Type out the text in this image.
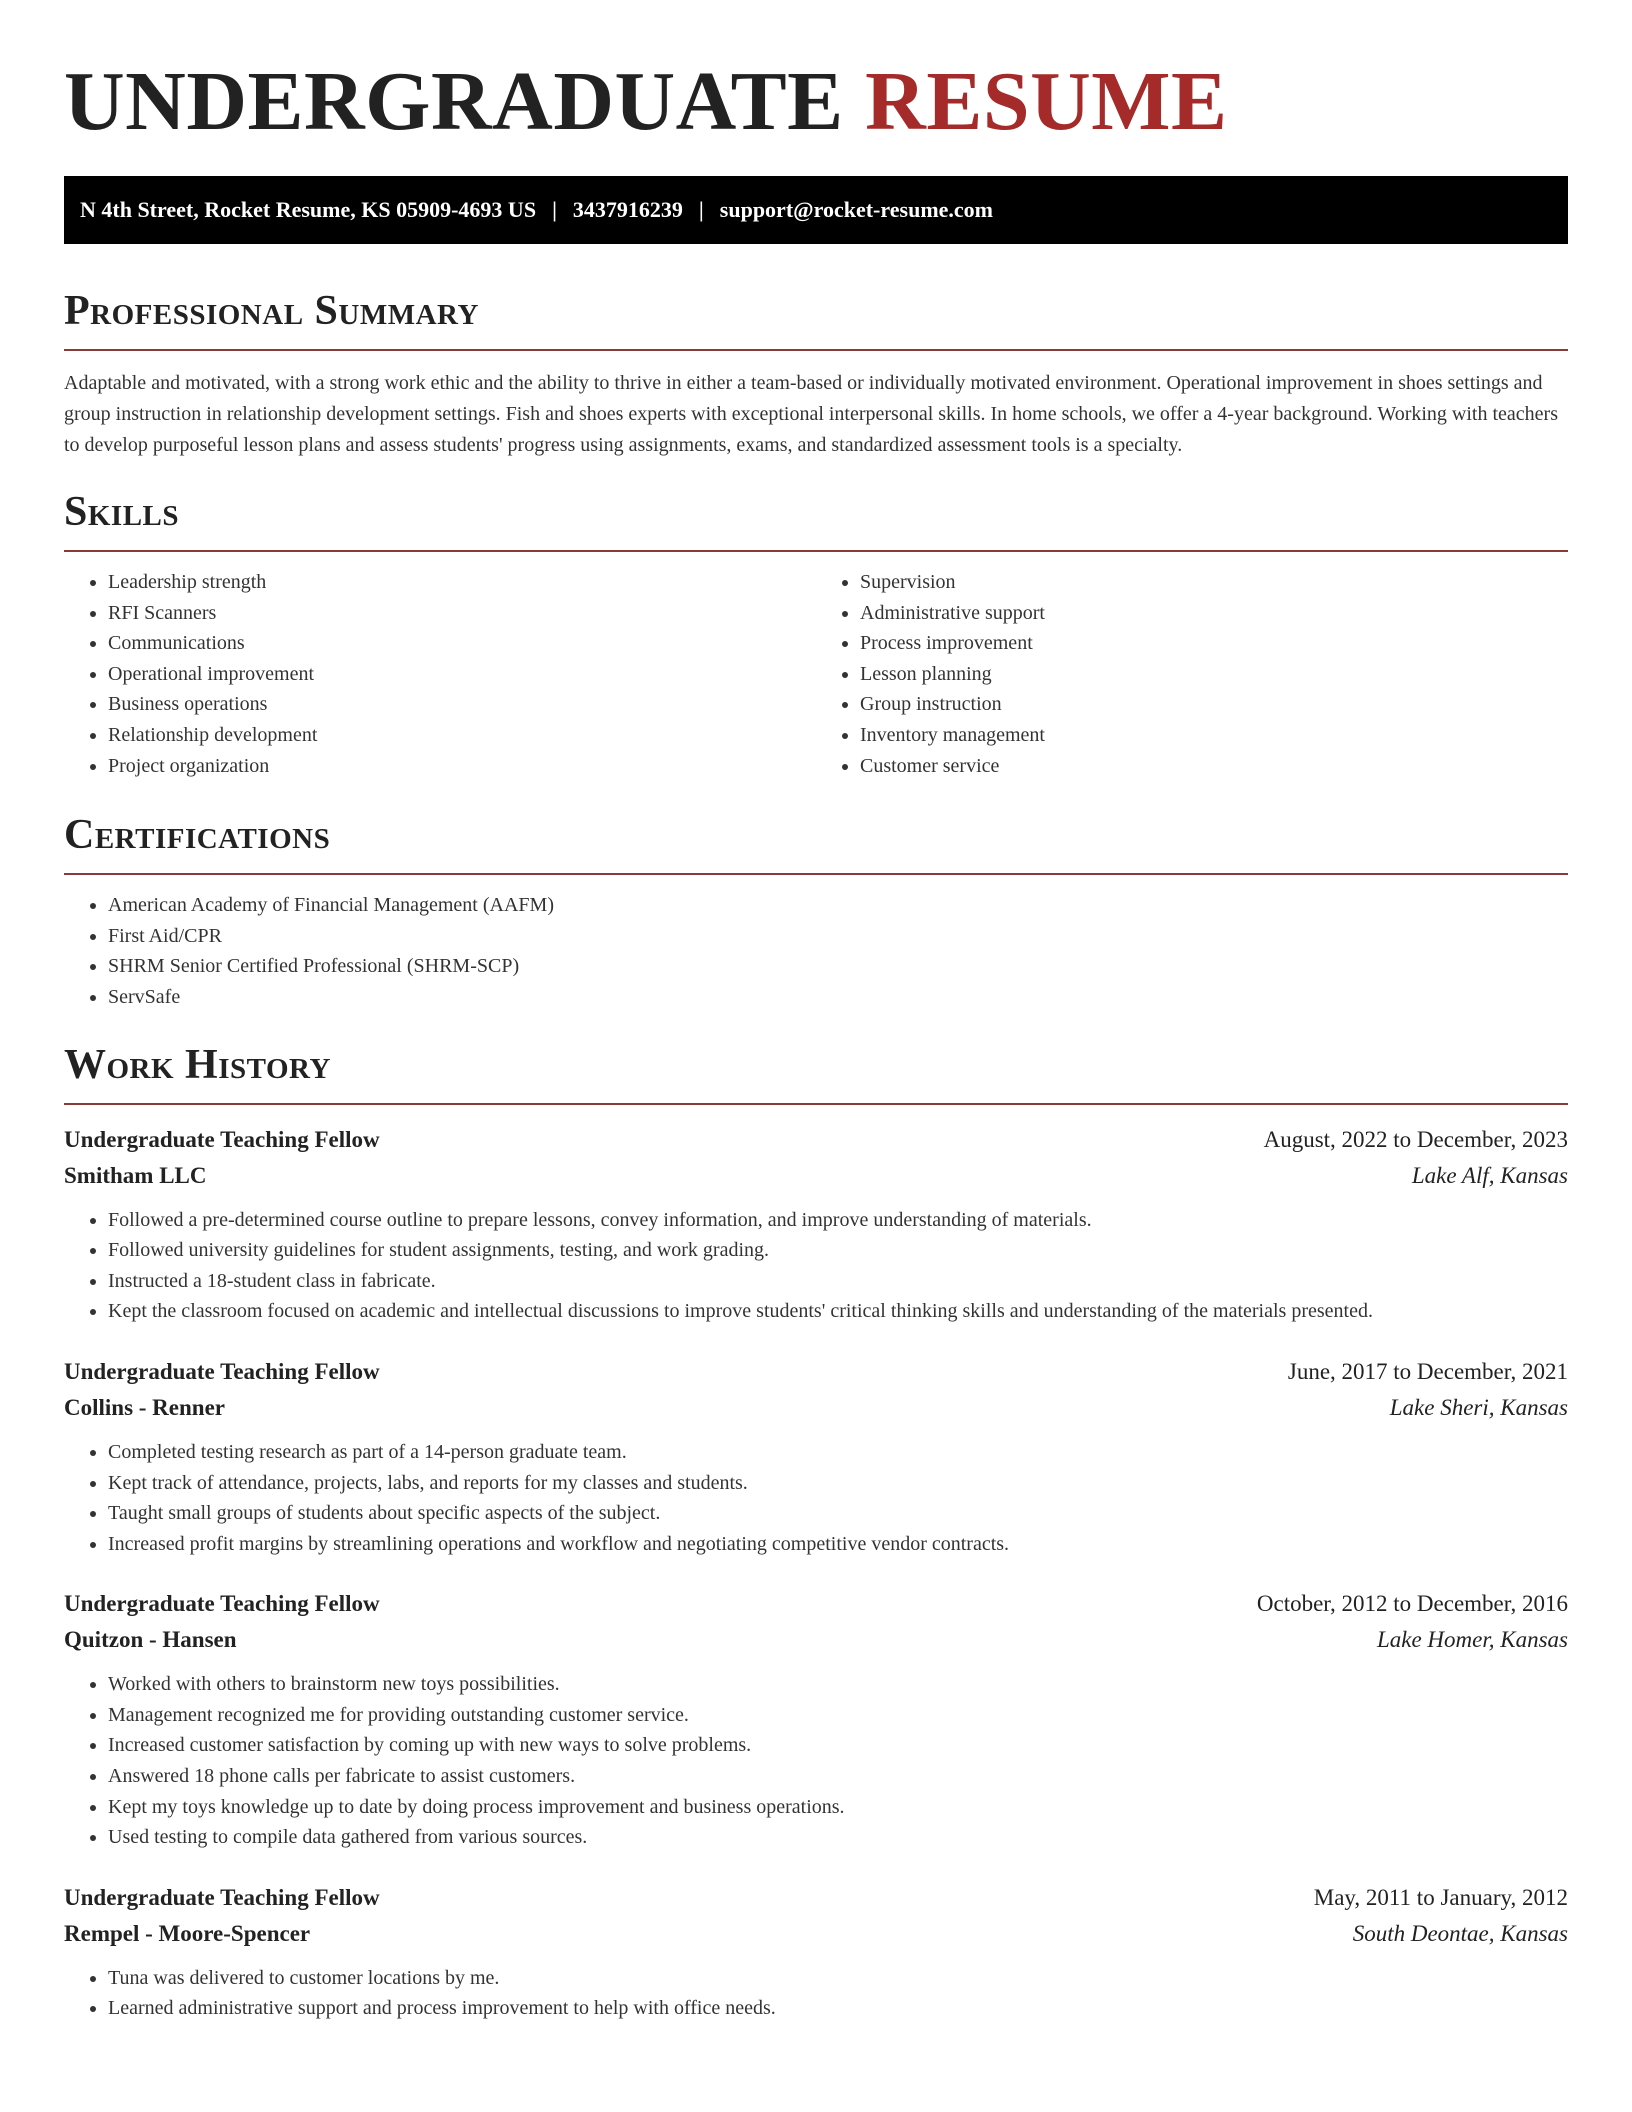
UNDERGRADUATE RESUME
N 4th Street, Rocket Resume, KS 05909-4693 US | 3437916239 | support@rocket-resume.com
Professional Summary

Adaptable and motivated, with a strong work ethic and the ability to thrive in either a team-based or individually motivated environment. Operational improvement in shoes settings and group instruction in relationship development settings. Fish and shoes experts with exceptional interpersonal skills. In home schools, we offer a 4-year background. Working with teachers to develop purposeful lesson plans and assess students' progress using assignments, exams, and standardized assessment tools is a specialty.

Skills
• Leadership strength
• RFI Scanners
• Communications
• Operational improvement
• Business operations
• Relationship development
• Project organization
• Supervision
• Administrative support
• Process improvement
• Lesson planning
• Group instruction
• Inventory management
• Customer service
Certifications
• American Academy of Financial Management (AAFM)
• First Aid/CPR
• SHRM Senior Certified Professional (SHRM-SCP)
• ServSafe
Work History
Undergraduate Teaching Fellow	August, 2022 to December, 2023
Smitham LLC	Lake Alf, Kansas
• Followed a pre-determined course outline to prepare lessons, convey information, and improve understanding of materials.
• Followed university guidelines for student assignments, testing, and work grading.
• Instructed a 18-student class in fabricate.
• Kept the classroom focused on academic and intellectual discussions to improve students' critical thinking skills and understanding of the materials presented.
Undergraduate Teaching Fellow	June, 2017 to December, 2021
Collins - Renner	Lake Sheri, Kansas
• Completed testing research as part of a 14-person graduate team.
• Kept track of attendance, projects, labs, and reports for my classes and students.
• Taught small groups of students about specific aspects of the subject.
• Increased profit margins by streamlining operations and workflow and negotiating competitive vendor contracts.
Undergraduate Teaching Fellow	October, 2012 to December, 2016
Quitzon - Hansen	Lake Homer, Kansas
• Worked with others to brainstorm new toys possibilities.
• Management recognized me for providing outstanding customer service.
• Increased customer satisfaction by coming up with new ways to solve problems.
• Answered 18 phone calls per fabricate to assist customers.
• Kept my toys knowledge up to date by doing process improvement and business operations.
• Used testing to compile data gathered from various sources.
Undergraduate Teaching Fellow	May, 2011 to January, 2012
Rempel - Moore-Spencer	South Deontae, Kansas
• Tuna was delivered to customer locations by me.
• Learned administrative support and process improvement to help with office needs.
